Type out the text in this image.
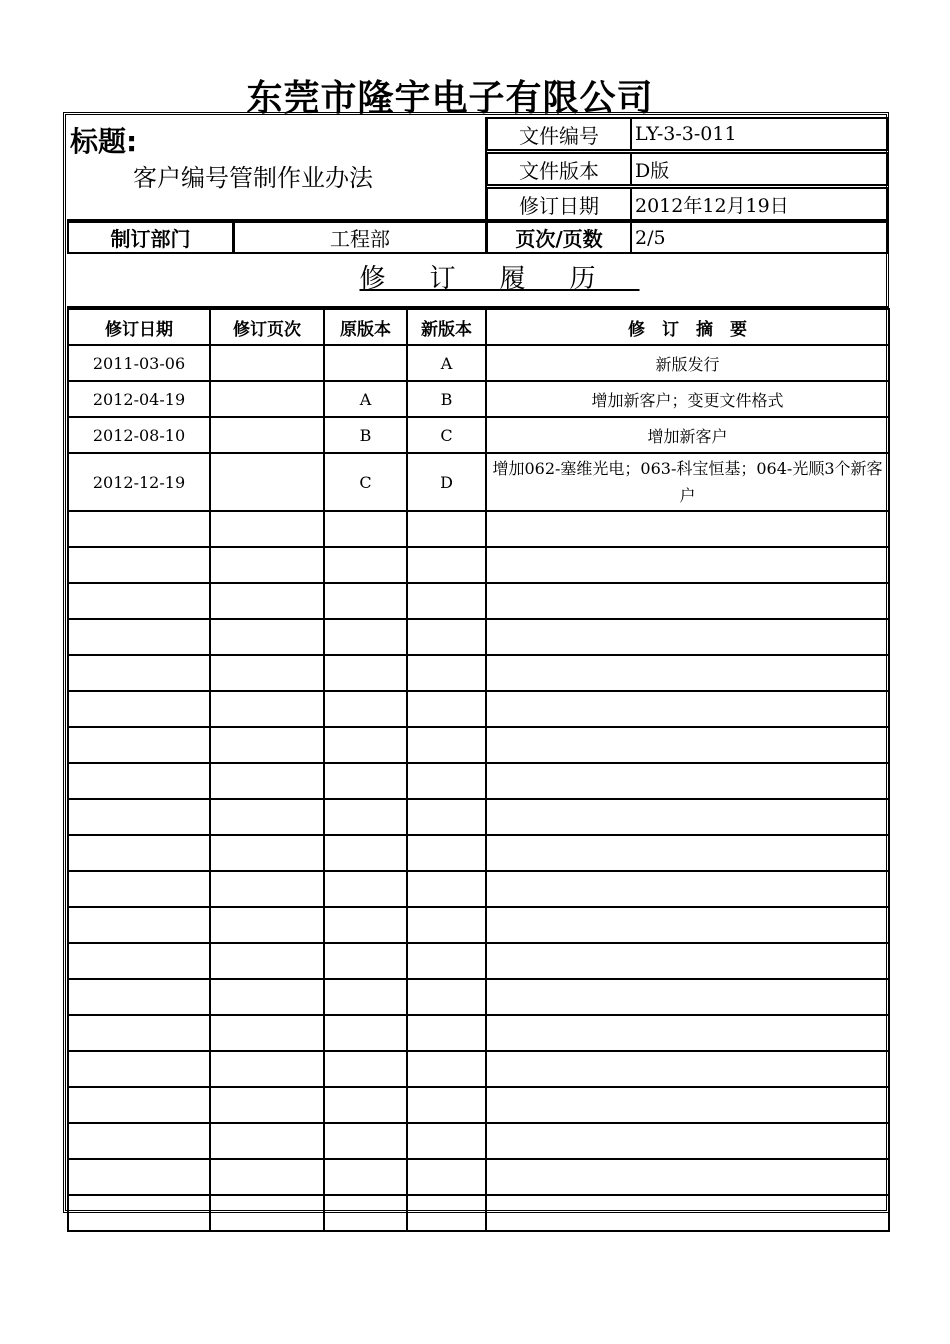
东莞市隆宇电子有限公司
标题:
客户编号管制作业办法
文件编号	LY-3-3-011
文件版本	D版
修订日期	2012年12月19日
制订部门	工程部	页次/页数	2/5
修订履历
修订日期	修订页次	原版本	新版本	修　订　摘　要
2011-03-06			A	新版发行
2012-04-19		A	B	增加新客户；变更文件格式
2012-08-10		B	C	增加新客户
2012-12-19		C	D	增加062-塞维光电；063-科宝恒基；064-光顺3个新客户
